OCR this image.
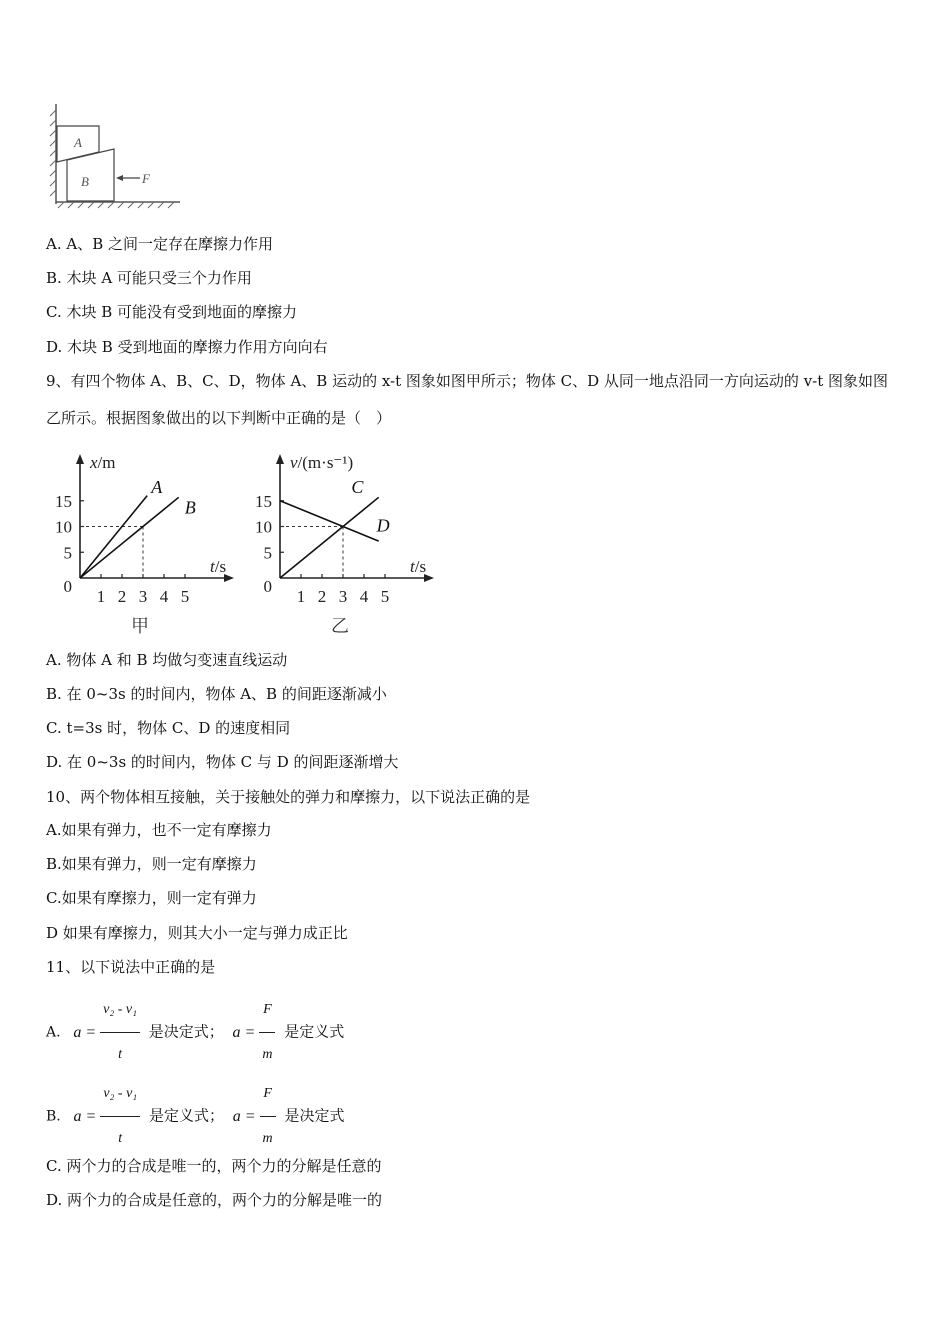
A
B	F
A. A、B 之间一定存在摩擦力作用
B. 木块 A 可能只受三个力作用
C. 木块 B 可能没有受到地面的摩擦力
D. 木块 B 受到地面的摩擦力作用方向向右
9、有四个物体 A、B、C、D，物体 A、B 运动的 x-t 图象如图甲所示；物体 C、D 从同一地点沿同一方向运动的 v-t 图象如图
乙所示。根据图象做出的以下判断中正确的是（　）
1 2 3 4 5
0
5
10
15
t/s
x/m
A
B
甲
1 2 3 4 5
0
5
10
15
t/s
v/(m·s⁻¹)
C
D
乙
A. 物体 A 和 B 均做匀变速直线运动
B. 在 0~3s 的时间内，物体 A、B 的间距逐渐减小
C. t=3s 时，物体 C、D 的速度相同
D. 在 0~3s 的时间内，物体 C 与 D 的间距逐渐增大
10、两个物体相互接触，关于接触处的弹力和摩擦力，以下说法正确的是
A.如果有弹力，也不一定有摩擦力
B.如果有弹力，则一定有摩擦力
C.如果有摩擦力，则一定有弹力
D 如果有摩擦力，则其大小一定与弹力成正比
11、以下说法中正确的是
A. $a = \frac{\text{v₂ - v₁}}{t}$ 是决定式； $a = \frac{F}{m}$ 是定义式
B. $a = \frac{\text{v₂ - v₁}}{t}$ 是定义式； $a = \frac{F}{m}$ 是决定式
C. 两个力的合成是唯一的，两个力的分解是任意的
D. 两个力的合成是任意的，两个力的分解是唯一的
